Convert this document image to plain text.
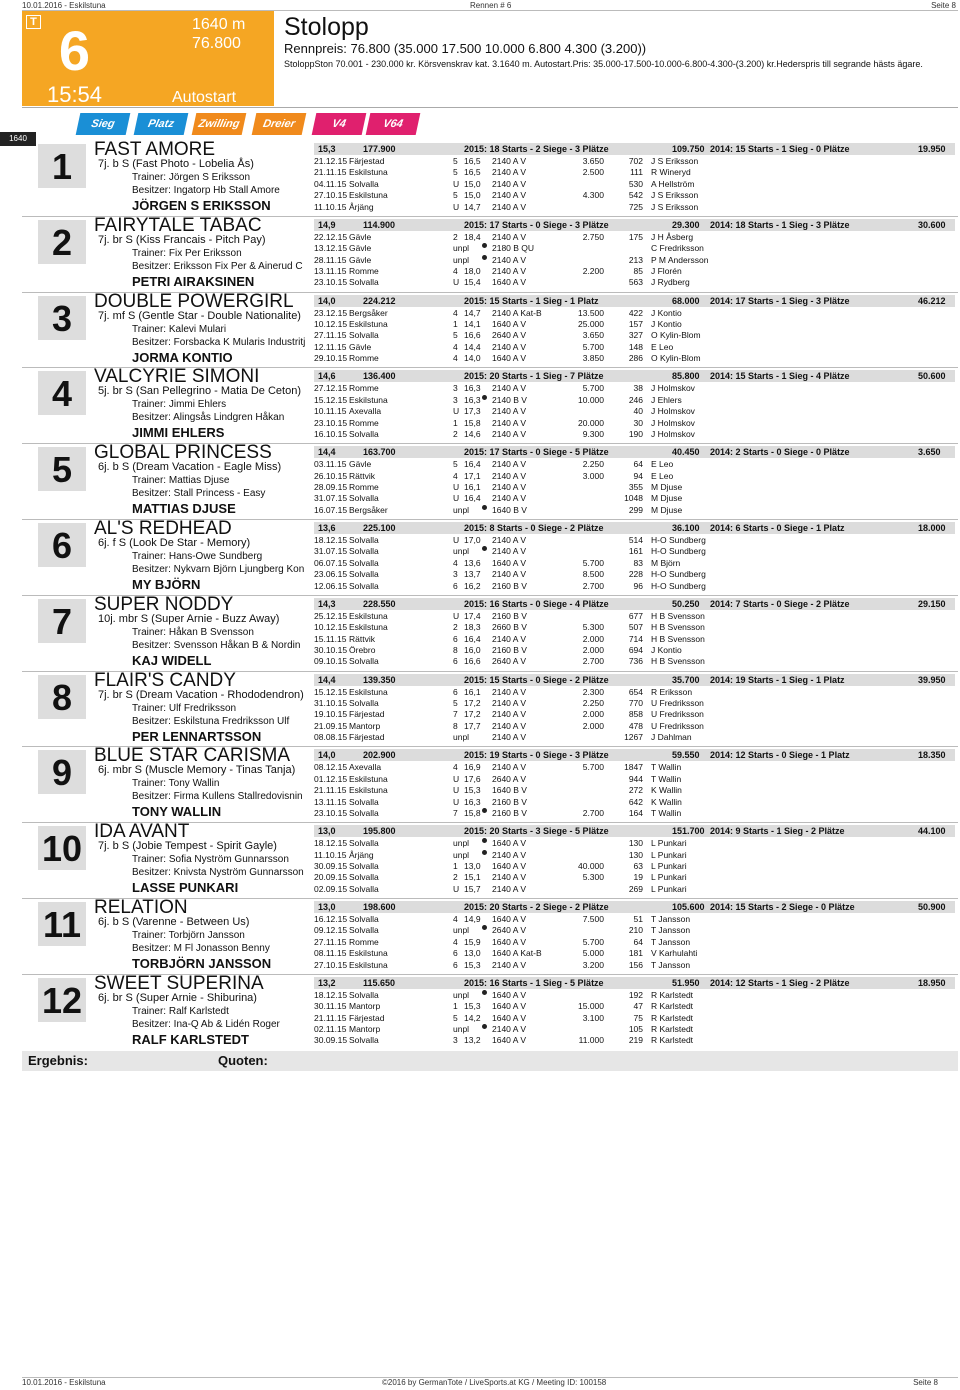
10.01.2016 - Eskilstuna	Rennen # 6	Seite 8
T 6
15:54
1640 m
76.800
Autostart
Stolopp
Rennpreis: 76.800 (35.000 17.500 10.000 6.800 4.300 (3.200))
StoloppSton 70.001 - 230.000 kr. Körsvenskrav kat. 3.1640 m. Autostart.Pris: 35.000-17.500-10.000-6.800-4.300-(3.200) kr.Hederspris till segrande hästs ägare.
Sieg	Platz	Zwilling	Dreier	V4	V64
1640
1	FAST AMORE
7j. b S (Fast Photo - Lobelia Ås)
Trainer: Jörgen S Eriksson
Besitzer: Ingatorp Hb Stall Amore
JÖRGEN S ERIKSSON
15,3	177.900	2015: 18 Starts - 2 Siege - 3 Plätze	109.750 2014: 15 Starts - 1 Sieg - 0 Plätze	19.950
21.12.15 Färjestad	5 16,5 2140 A V	3.650	702 J S Eriksson
21.11.15 Eskilstuna	5 16,5 2140 A V	2.500	111 R Wineryd
04.11.15 Solvalla	U 15,0 2140 A V	530 A Hellström
27.10.15 Eskilstuna	5 15,0 2140 A V	4.300	542 J S Eriksson
11.10.15 Årjäng	U 14,7 2140 A V	725 J S Eriksson
2	FAIRYTALE TABAC
7j. br S (Kiss Francais - Pitch Pay)
Trainer: Fix Per Eriksson
Besitzer: Eriksson Fix Per & Ainerud C
PETRI AIRAKSINEN
14,9	114.900	2015: 17 Starts - 0 Siege - 3 Plätze	29.300 2014: 18 Starts - 1 Sieg - 3 Plätze	30.600
22.12.15 Gävle	2 18,4 2140 A V	2.750	175 J H Åsberg
13.12.15 Gävle	unpl	2180 B QU	C Fredriksson
28.11.15 Gävle	unpl	2140 A V	213 P M Andersson
13.11.15 Romme	4 18,0 2140 A V	2.200	85 J Florén
23.10.15 Solvalla	U 15,4 1640 A V	563 J Rydberg
3	DOUBLE POWERGIRL
7j. mf S (Gentle Star - Double Nationalite)
Trainer: Kalevi Mulari
Besitzer: Forsbacka K Mularis Industritj
JORMA KONTIO
14,0	224.212	2015: 15 Starts - 1 Sieg - 1 Platz	68.000 2014: 17 Starts - 1 Sieg - 3 Plätze	46.212
23.12.15 Bergsåker	4 14,7 2140 A Kat-B	13.500	422 J Kontio
10.12.15 Eskilstuna	1 14,1 1640 A V	25.000	157 J Kontio
27.11.15 Solvalla	5 16,6 2640 A V	3.650	327 O Kylin-Blom
12.11.15 Gävle	4 14,4 2140 A V	5.700	148 E Leo
29.10.15 Romme	4 14,0 1640 A V	3.850	286 O Kylin-Blom
4	VALCYRIE SIMONI
5j. br S (San Pellegrino - Matia De Ceton)
Trainer: Jimmi Ehlers
Besitzer: Alingsås Lindgren Håkan
JIMMI EHLERS
14,6	136.400	2015: 20 Starts - 1 Sieg - 7 Plätze	85.800 2014: 15 Starts - 1 Sieg - 4 Plätze	50.600
27.12.15 Romme	3 16,3 2140 A V	5.700	38 J Holmskov
15.12.15 Eskilstuna	3 16,3 2140 B V	10.000	246 J Ehlers
10.11.15 Axevalla	U 17,3 2140 A V	40 J Holmskov
23.10.15 Romme	1 15,8 2140 A V	20.000	30 J Holmskov
16.10.15 Solvalla	2 14,6 2140 A V	9.300	190 J Holmskov
5	GLOBAL PRINCESS
6j. b S (Dream Vacation - Eagle Miss)
Trainer: Mattias Djuse
Besitzer: Stall Princess - Easy
MATTIAS DJUSE
14,4	163.700	2015: 17 Starts - 0 Siege - 5 Plätze	40.450 2014: 2 Starts - 0 Siege - 0 Plätze	3.650
03.11.15 Gävle	5 16,4 2140 A V	2.250	64 E Leo
26.10.15 Rättvik	4 17,1 2140 A V	3.000	94 E Leo
28.09.15 Romme	U 16,1 2140 A V	355 M Djuse
31.07.15 Solvalla	U 16,4 2140 A V	1048 M Djuse
16.07.15 Bergsåker	unpl	1640 B V	299 M Djuse
6	AL'S REDHEAD
6j. f S (Look De Star - Memory)
Trainer: Hans-Owe Sundberg
Besitzer: Nykvarn Björn Ljungberg Kon
MY BJÖRN
13,6	225.100	2015: 8 Starts - 0 Siege - 2 Plätze	36.100 2014: 6 Starts - 0 Siege - 1 Platz	18.000
18.12.15 Solvalla	U 17,0 2140 A V	514 H-O Sundberg
31.07.15 Solvalla	unpl	2140 A V	161 H-O Sundberg
06.07.15 Solvalla	4 13,6 1640 A V	5.700	83 M Björn
23.06.15 Solvalla	3 13,7 2140 A V	8.500	228 H-O Sundberg
12.06.15 Solvalla	6 16,2 2160 B V	2.700	96 H-O Sundberg
7	SUPER NODDY
10j. mbr S (Super Arnie - Buzz Away)
Trainer: Håkan B Svensson
Besitzer: Svensson Håkan B & Nordin
KAJ WIDELL
14,3	228.550	2015: 16 Starts - 0 Siege - 4 Plätze	50.250 2014: 7 Starts - 0 Siege - 2 Plätze	29.150
25.12.15 Eskilstuna	U 17,4 2160 B V	677 H B Svensson
10.12.15 Eskilstuna	2 18,3 2660 B V	5.300	507 H B Svensson
15.11.15 Rättvik	6 16,4 2140 A V	2.000	714 H B Svensson
30.10.15 Örebro	8 16,0 2160 B V	2.000	694 J Kontio
09.10.15 Solvalla	6 16,6 2640 A V	2.700	736 H B Svensson
8	FLAIR'S CANDY
7j. br S (Dream Vacation - Rhododendron)
Trainer: Ulf Fredriksson
Besitzer: Eskilstuna Fredriksson Ulf
PER LENNARTSSON
14,4	139.350	2015: 15 Starts - 0 Siege - 2 Plätze	35.700 2014: 19 Starts - 1 Sieg - 1 Platz	39.950
15.12.15 Eskilstuna	6 16,1 2140 A V	2.300	654 R Eriksson
31.10.15 Solvalla	5 17,2 2140 A V	2.250	770 U Fredriksson
19.10.15 Färjestad	7 17,2 2140 A V	2.000	858 U Fredriksson
21.09.15 Mantorp	8 17,7 2140 A V	2.000	478 U Fredriksson
08.08.15 Färjestad	unpl	2140 A V	1267 J Dahlman
9	BLUE STAR CARISMA
6j. mbr S (Muscle Memory - Tinas Tanja)
Trainer: Tony Wallin
Besitzer: Firma Kullens Stallredovisnin
TONY WALLIN
14,0	202.900	2015: 19 Starts - 0 Siege - 3 Plätze	59.550 2014: 12 Starts - 0 Siege - 1 Platz	18.350
08.12.15 Axevalla	4 16,9 2140 A V	5.700 1847 T Wallin
01.12.15 Eskilstuna	U 17,6 2640 A V	944 T Wallin
21.11.15 Eskilstuna	U 15,3 1640 B V	272 K Wallin
13.11.15 Solvalla	U 16,3 2160 B V	642 K Wallin
23.10.15 Solvalla	7 15,8 2160 B V	2.700	164 T Wallin
10 IDA AVANT
7j. b S (Jobie Tempest - Spirit Gayle)
Trainer: Sofia Nyström Gunnarsson
Besitzer: Knivsta Nyström Gunnarsson
LASSE PUNKARI
13,0	195.800	2015: 20 Starts - 3 Siege - 5 Plätze	151.700 2014: 9 Starts - 1 Sieg - 2 Plätze	44.100
18.12.15 Solvalla	unpl	1640 A V	130 L Punkari
11.10.15 Årjäng	unpl	2140 A V	130 L Punkari
30.09.15 Solvalla	1 13,0 1640 A V	40.000	63 L Punkari
20.09.15 Solvalla	2 15,1 2140 A V	5.300	19 L Punkari
02.09.15 Solvalla	U 15,7 2140 A V	269 L Punkari
11 RELATION
6j. b S (Varenne - Between Us)
Trainer: Torbjörn Jansson
Besitzer: M Fl Jonasson Benny
TORBJÖRN JANSSON
13,0	198.600	2015: 20 Starts - 2 Siege - 2 Plätze	105.600 2014: 15 Starts - 2 Siege - 0 Plätze	50.900
16.12.15 Solvalla	4 14,9 1640 A V	7.500	51 T Jansson
09.12.15 Solvalla	unpl	2640 A V	210 T Jansson
27.11.15 Romme	4 15,9 1640 A V	5.700	64 T Jansson
08.11.15 Eskilstuna	6 13,0 1640 A Kat-B	5.000	181 V Karhulahti
27.10.15 Eskilstuna	6 15,3 2140 A V	3.200	156 T Jansson
12 SWEET SUPERINA
6j. br S (Super Arnie - Shiburina)
Trainer: Ralf Karlstedt
Besitzer: Ina-Q Ab & Lidén Roger
RALF KARLSTEDT
13,2	115.650	2015: 16 Starts - 1 Sieg - 5 Plätze	51.950 2014: 12 Starts - 1 Sieg - 2 Plätze	18.950
18.12.15 Solvalla	unpl	1640 A V	192 R Karlstedt
30.11.15 Mantorp	1 15,3 1640 A V	15.000	47 R Karlstedt
21.11.15 Färjestad	5 14,2 1640 A V	3.100	75 R Karlstedt
02.11.15 Mantorp	unpl	2140 A V	105 R Karlstedt
30.09.15 Solvalla	3 13,2 1640 A V	11.000	219 R Karlstedt
Ergebnis:	Quoten:
10.01.2016 - Eskilstuna	©2016 by GermanTote / LiveSports.at KG / Meeting ID: 100158	Seite 8
